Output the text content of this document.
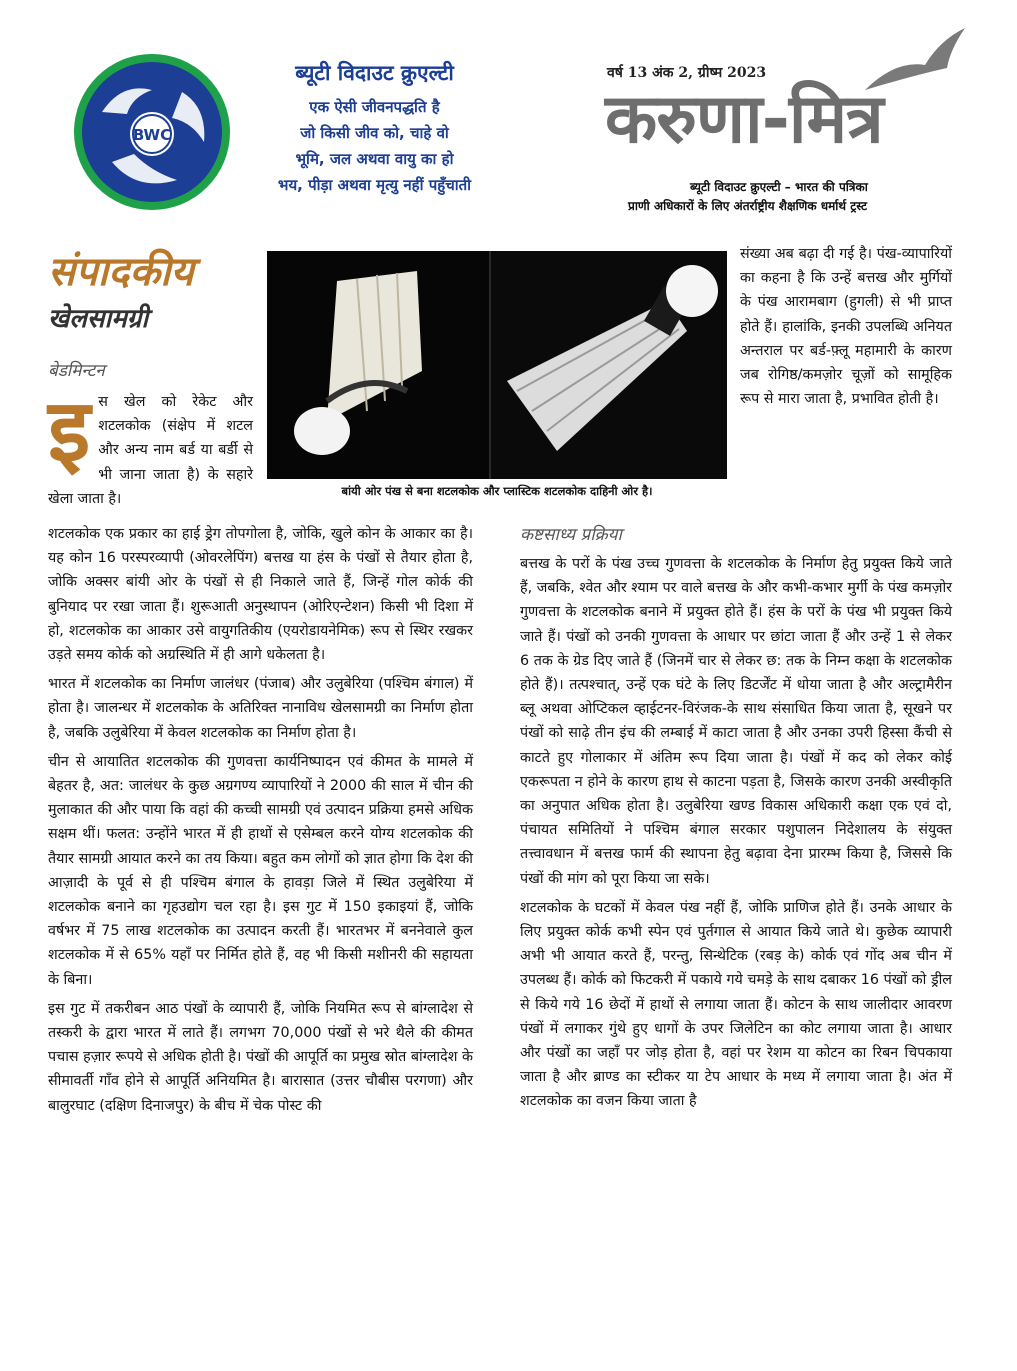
BWC
ब्यूटी विदाउट क्रुएल्टी
एक ऐसी जीवनपद्धति है
जो किसी जीव को, चाहे वो
भूमि, जल अथवा वायु का हो
भय, पीड़ा अथवा मृत्यु नहीं पहुँचाती
वर्ष 13 अंक 2, ग्रीष्म 2023
करुणा-मित्र
ब्यूटी विदाउट क्रुएल्टी – भारत की पत्रिका
प्राणी अधिकारों के लिए अंतर्राष्ट्रीय शैक्षणिक धर्मार्थ ट्रस्ट
संपादकीय
खेलसामग्री
बेडमिन्टन
बांयी ओर पंख से बना शटलकोक और प्लास्टिक शटलकोक दाहिनी ओर है।
इ स खेल को रेकेट और शटलकोक (संक्षेप में शटल और अन्य नाम बर्ड या बर्डी से भी जाना जाता है) के सहारे खेला जाता है।

शटलकोक एक प्रकार का हाई ड्रेग तोपगोला है, जोकि, खुले कोन के आकार का है। यह कोन 16 परस्परव्यापी (ओवरलेपिंग) बत्तख या हंस के पंखों से तैयार होता है, जोकि अक्सर बांयी ओर के पंखों से ही निकाले जाते हैं, जिन्हें गोल कोर्क की बुनियाद पर रखा जाता हैं। शुरूआती अनुस्थापन (ओरिएन्टेशन) किसी भी दिशा में हो, शटलकोक का आकार उसे वायुगतिकीय (एयरोडायनेमिक) रूप से स्थिर रखकर उड़ते समय कोर्क को अग्रस्थिति में ही आगे धकेलता है।

भारत में शटलकोक का निर्माण जालंधर (पंजाब) और उलुबेरिया (पश्चिम बंगाल) में होता है। जालन्धर में शटलकोक के अतिरिक्त नानाविध खेलसामग्री का निर्माण होता है, जबकि उलुबेरिया में केवल शटलकोक का निर्माण होता है।

चीन से आयातित शटलकोक की गुणवत्ता कार्यनिष्पादन एवं कीमत के मामले में बेहतर है, अत: जालंधर के कुछ अग्रगण्य व्यापारियों ने 2000 की साल में चीन की मुलाकात की और पाया कि वहां की कच्ची सामग्री एवं उत्पादन प्रक्रिया हमसे अधिक सक्षम थीं। फलत: उन्होंने भारत में ही हाथों से एसेम्बल करने योग्य शटलकोक की तैयार सामग्री आयात करने का तय किया। बहुत कम लोगों को ज्ञात होगा कि देश की आज़ादी के पूर्व से ही पश्चिम बंगाल के हावड़ा जिले में स्थित उलुबेरिया में शटलकोक बनाने का गृहउद्योग चल रहा है। इस गुट में 150 इकाइयां हैं, जोकि वर्षभर में 75 लाख शटलकोक का उत्पादन करती हैं। भारतभर में बननेवाले कुल शटलकोक में से 65% यहाँ पर निर्मित होते हैं, वह भी किसी मशीनरी की सहायता के बिना।

इस गुट में तकरीबन आठ पंखों के व्यापारी हैं, जोकि नियमित रूप से बांग्लादेश से तस्करी के द्वारा भारत में लाते हैं। लगभग 70,000 पंखों से भरे थैले की कीमत पचास हज़ार रूपये से अधिक होती है। पंखों की आपूर्ति का प्रमुख स्रोत बांग्लादेश के सीमावर्ती गाँव होने से आपूर्ति अनियमित है। बारासात (उत्तर चौबीस परगणा) और बालुरघाट (दक्षिण दिनाजपुर) के बीच में चेक पोस्ट की

संख्या अब बढ़ा दी गई है। पंख-व्यापारियों का कहना है कि उन्हें बत्तख और मुर्गियों के पंख आरामबाग (हुगली) से भी प्राप्त होते हैं। हालांकि, इनकी उपलब्धि अनियत अन्तराल पर बर्ड-फ़्लू महामारी के कारण जब रोगिष्ठ/कमज़ोर चूज़ों को सामूहिक रूप से मारा जाता है, प्रभावित होती है।

कष्टसाध्य प्रक्रिया

बत्तख के परों के पंख उच्च गुणवत्ता के शटलकोक के निर्माण हेतु प्रयुक्त किये जाते हैं, जबकि, श्वेत और श्याम पर वाले बत्तख के और कभी-कभार मुर्गी के पंख कमज़ोर गुणवत्ता के शटलकोक बनाने में प्रयुक्त होते हैं। हंस के परों के पंख भी प्रयुक्त किये जाते हैं। पंखों को उनकी गुणवत्ता के आधार पर छांटा जाता हैं और उन्हें 1 से लेकर 6 तक के ग्रेड दिए जाते हैं (जिनमें चार से लेकर छ: तक के निम्न कक्षा के शटलकोक होते हैं)। तत्पश्चात्, उन्हें एक घंटे के लिए डिटर्जेंट में धोया जाता है और अल्ट्रामैरीन ब्लू अथवा ओप्टिकल व्हाईटनर-विरंजक-के साथ संसाधित किया जाता है, सूखने पर पंखों को साढ़े तीन इंच की लम्बाई में काटा जाता है और उनका उपरी हिस्सा कैंची से काटते हुए गोलाकार में अंतिम रूप दिया जाता है। पंखों में कद को लेकर कोई एकरूपता न होने के कारण हाथ से काटना पड़ता है, जिसके कारण उनकी अस्वीकृति का अनुपात अधिक होता है। उलुबेरिया खण्ड विकास अधिकारी कक्षा एक एवं दो, पंचायत समितियों ने पश्चिम बंगाल सरकार पशुपालन निदेशालय के संयुक्त तत्त्वावधान में बत्तख फार्म की स्थापना हेतु बढ़ावा देना प्रारम्भ किया है, जिससे कि पंखों की मांग को पूरा किया जा सके।

शटलकोक के घटकों में केवल पंख नहीं हैं, जोकि प्राणिज होते हैं। उनके आधार के लिए प्रयुक्त कोर्क कभी स्पेन एवं पुर्तगाल से आयात किये जाते थे। कुछेक व्यापारी अभी भी आयात करते हैं, परन्तु, सिन्थेटिक (रबड़ के) कोर्क एवं गोंद अब चीन में उपलब्ध हैं। कोर्क को फिटकरी में पकाये गये चमड़े के साथ दबाकर 16 पंखों को ड्रील से किये गये 16 छेदों में हाथों से लगाया जाता हैं। कोटन के साथ जालीदार आवरण पंखों में लगाकर गुंथे हुए धागों के उपर जिलेटिन का कोट लगाया जाता है। आधार और पंखों का जहाँ पर जोड़ होता है, वहां पर रेशम या कोटन का रिबन चिपकाया जाता है और ब्राण्ड का स्टीकर या टेप आधार के मध्य में लगाया जाता है। अंत में शटलकोक का वजन किया जाता है
